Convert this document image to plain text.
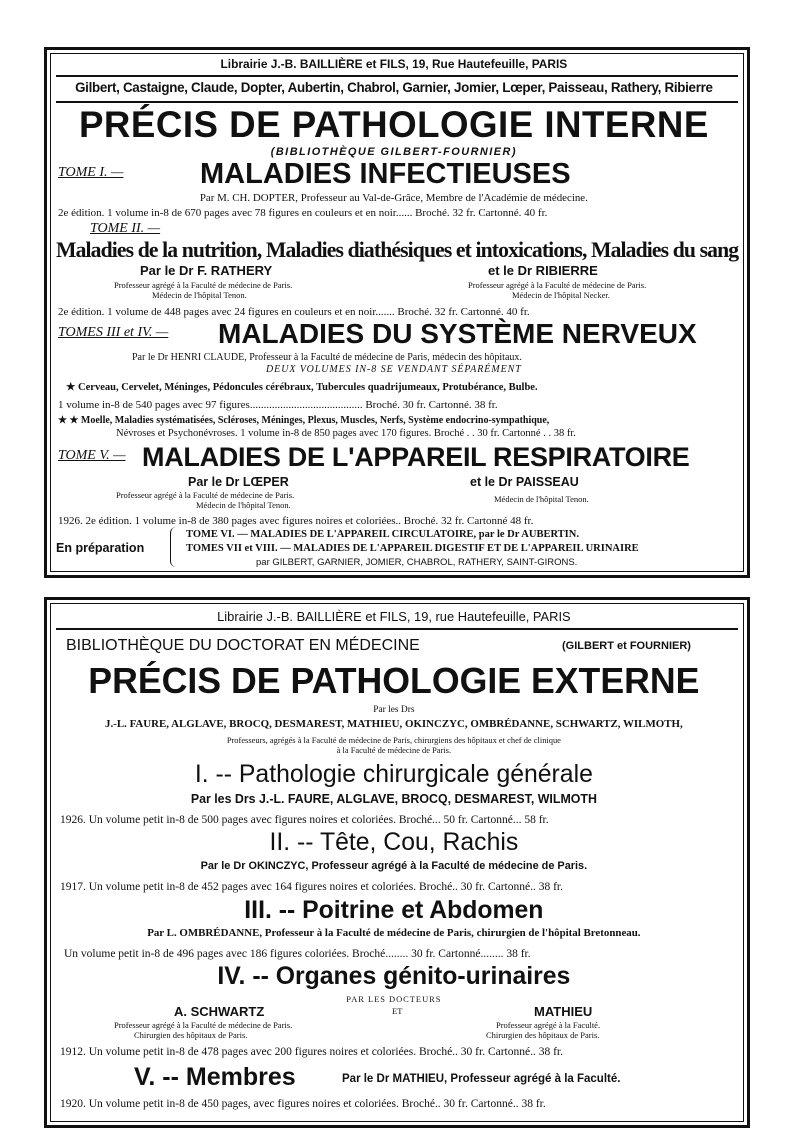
Librairie J.-B. BAILLIÈRE et FILS, 19, Rue Hautefeuille, PARIS
Gilbert, Castaigne, Claude, Dopter, Aubertin, Chabrol, Garnier, Jomier, Lœper, Paisseau, Rathery, Ribierre
PRÉCIS DE PATHOLOGIE INTERNE
(BIBLIOTHÈQUE GILBERT-FOURNIER)
TOME I. —	MALADIES INFECTIEUSES
Par M. CH. DOPTER, Professeur au Val-de-Grâce, Membre de l'Académie de médecine.
2e édition. 1 volume in-8 de 670 pages avec 78 figures en couleurs et en noir...... Broché. 32 fr. Cartonné. 40 fr.
TOME II. —
Maladies de la nutrition, Maladies diathésiques et intoxications, Maladies du sang
Par le Dr F. RATHERY
Professeur agrégé à la Faculté de médecine de Paris.
Médecin de l'hôpital Tenon.
et le Dr RIBIERRE
Professeur agrégé à la Faculté de médecine de Paris.
Médecin de l'hôpital Necker.
2e édition. 1 volume de 448 pages avec 24 figures en couleurs et en noir....... Broché. 32 fr. Cartonné. 40 fr.
TOMES III et IV. — MALADIES DU SYSTÈME NERVEUX
Par le Dr HENRI CLAUDE, Professeur à la Faculté de médecine de Paris, médecin des hôpitaux.
DEUX VOLUMES IN-8 SE VENDANT SÉPARÉMENT
★ Cerveau, Cervelet, Méninges, Pédoncules cérébraux, Tubercules quadrijumeaux, Protubérance, Bulbe.
1 volume in-8 de 540 pages avec 97 figures......................................... Broché. 30 fr. Cartonné. 38 fr.
★ ★ Moelle, Maladies systématisées, Scléroses, Méninges, Plexus, Muscles, Nerfs, Système endocrino-sympathique,
Névroses et Psychonévroses. 1 volume in-8 de 850 pages avec 170 figures. Broché . . 30 fr. Cartonné . . 38 fr.
TOME V. — MALADIES DE L'APPAREIL RESPIRATOIRE
Par le Dr LŒPER
Professeur agrégé à la Faculté de médecine de Paris.
Médecin de l'hôpital Tenon.
et le Dr PAISSEAU
Médecin de l'hôpital Tenon.
1926. 2e édition. 1 volume in-8 de 380 pages avec figures noires et coloriées.. Broché. 32 fr. Cartonné 48 fr.
En préparation
TOME VI. — MALADIES DE L'APPAREIL CIRCULATOIRE, par le Dr AUBERTIN.
TOMES VII et VIII. — MALADIES DE L'APPAREIL DIGESTIF ET DE L'APPAREIL URINAIRE
par GILBERT, GARNIER, JOMIER, CHABROL, RATHERY, SAINT-GIRONS.
Librairie J.-B. BAILLIÈRE et FILS, 19, rue Hautefeuille, PARIS
BIBLIOTHÈQUE DU DOCTORAT EN MÉDECINE	(GILBERT et FOURNIER)
PRÉCIS DE PATHOLOGIE EXTERNE
Par les Drs
J.-L. FAURE, ALGLAVE, BROCQ, DESMAREST, MATHIEU, OKINCZYC, OMBRÉDANNE, SCHWARTZ, WILMOTH,
Professeurs, agrégés à la Faculté de médecine de Paris, chirurgiens des hôpitaux et chef de clinique
à la Faculté de médecine de Paris.
I. -- Pathologie chirurgicale générale
Par les Drs J.-L. FAURE, ALGLAVE, BROCQ, DESMAREST, WILMOTH
1926. Un volume petit in-8 de 500 pages avec figures noires et coloriées. Broché... 50 fr. Cartonné... 58 fr.
II. -- Tête, Cou, Rachis
Par le Dr OKINCZYC, Professeur agrégé à la Faculté de médecine de Paris.
1917. Un volume petit in-8 de 452 pages avec 164 figures noires et coloriées. Broché.. 30 fr. Cartonné.. 38 fr.
III. -- Poitrine et Abdomen
Par L. OMBRÉDANNE, Professeur à la Faculté de médecine de Paris, chirurgien de l'hôpital Bretonneau.
Un volume petit in-8 de 496 pages avec 186 figures coloriées. Broché........ 30 fr. Cartonné........ 38 fr.
IV. -- Organes génito-urinaires
PAR LES DOCTEURS
ET
A. SCHWARTZ
Professeur agrégé à la Faculté de médecine de Paris.
Chirurgien des hôpitaux de Paris.
MATHIEU
Professeur agrégé à la Faculté.
Chirurgien des hôpitaux de Paris.
1912. Un volume petit in-8 de 478 pages avec 200 figures noires et coloriées. Broché.. 30 fr. Cartonné.. 38 fr.
V. -- Membres	Par le Dr MATHIEU, Professeur agrégé à la Faculté.
1920. Un volume petit in-8 de 450 pages, avec figures noires et coloriées. Broché.. 30 fr. Cartonné.. 38 fr.
